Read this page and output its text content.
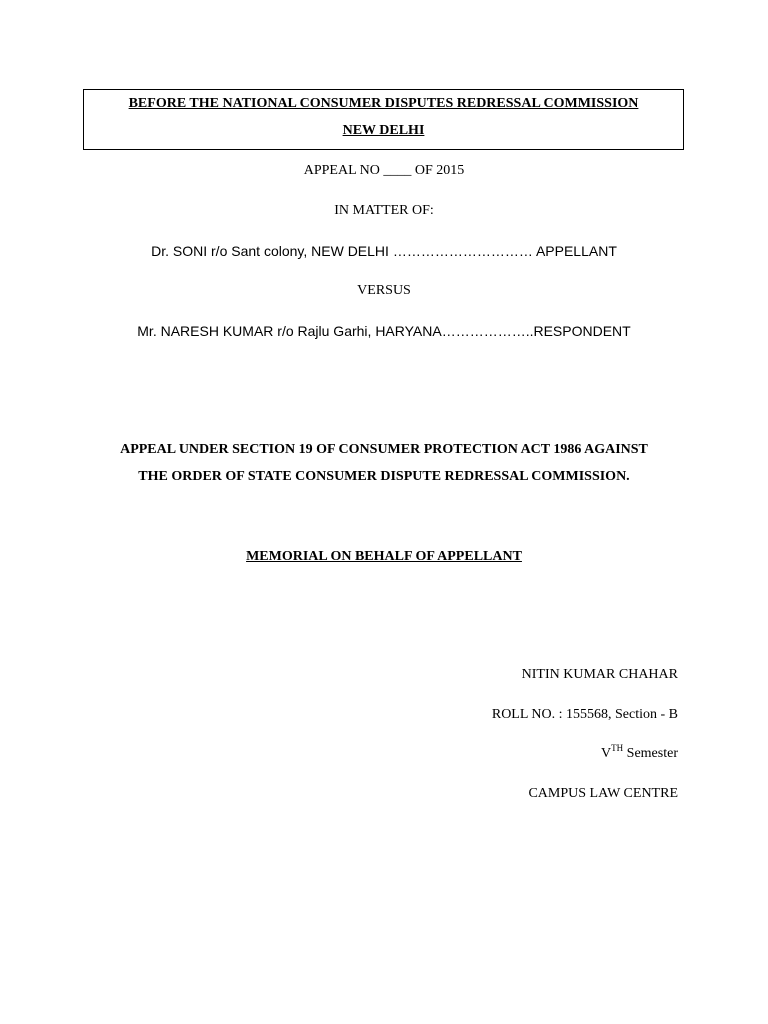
BEFORE THE NATIONAL CONSUMER DISPUTES REDRESSAL COMMISSION
NEW DELHI
APPEAL NO ____ OF 2015
IN MATTER OF:
Dr. SONI r/o Sant colony, NEW DELHI ………………………… APPELLANT
VERSUS
Mr. NARESH KUMAR r/o Rajlu Garhi, HARYANA………………..RESPONDENT
APPEAL UNDER SECTION 19 OF CONSUMER PROTECTION ACT 1986 AGAINST
THE ORDER OF STATE CONSUMER DISPUTE REDRESSAL COMMISSION.
MEMORIAL ON BEHALF OF APPELLANT
NITIN KUMAR CHAHAR
ROLL NO. : 155568, Section - B
VTH Semester
CAMPUS LAW CENTRE
